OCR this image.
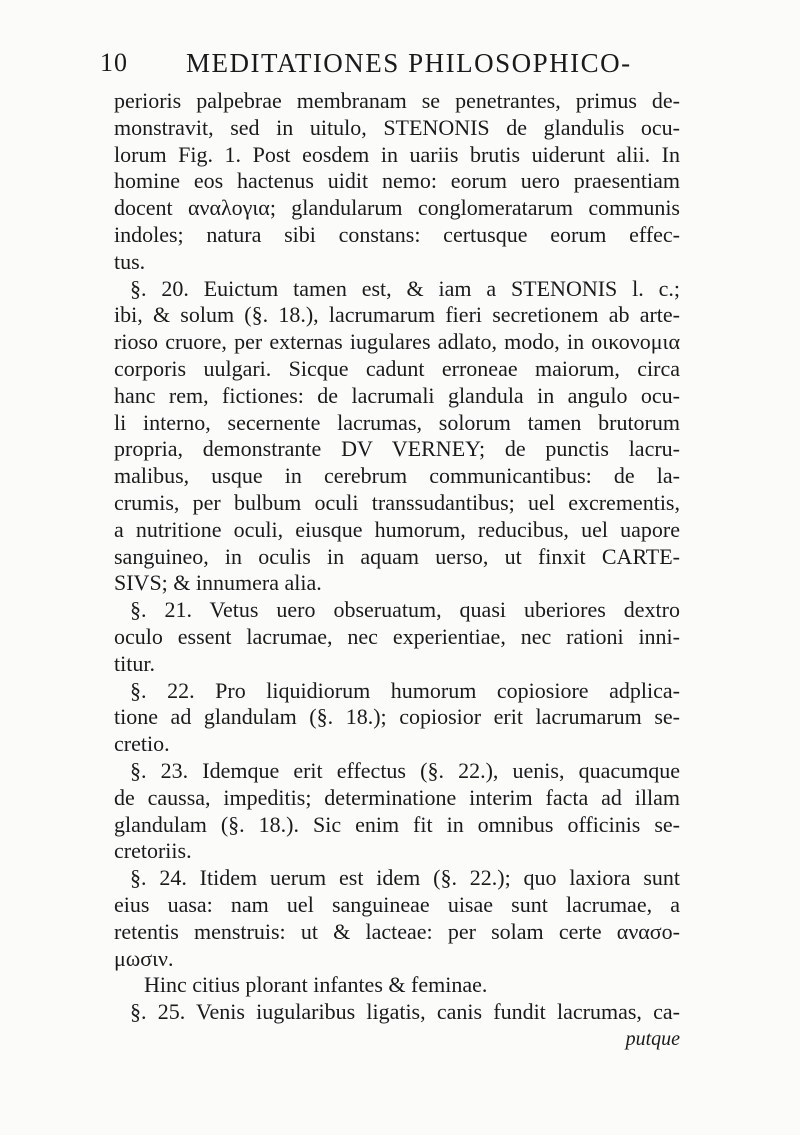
10 MEDITATIONES PHILOSOPHICO-
perioris palpebrae membranam se penetrantes, primus de-
monstravit, sed in uitulo, STENONIS de glandulis ocu-
lorum Fig. 1. Post eosdem in uariis brutis uiderunt alii. In
homine eos hactenus uidit nemo: eorum uero praesentiam
docent αναλογια; glandularum conglomeratarum communis
indoles; natura sibi constans: certusque eorum effec-
tus.
§. 20. Euictum tamen est, & iam a STENONIS l. c.;
ibi, & solum (§. 18.), lacrumarum fieri secretionem ab arte-
rioso cruore, per externas iugulares adlato, modo, in οικονομια
corporis uulgari. Sicque cadunt erroneae maiorum, circa
hanc rem, fictiones: de lacrumali glandula in angulo ocu-
li interno, secernente lacrumas, solorum tamen brutorum
propria, demonstrante DV VERNEY; de punctis lacru-
malibus, usque in cerebrum communicantibus: de la-
crumis, per bulbum oculi transsudantibus; uel excrementis,
a nutritione oculi, eiusque humorum, reducibus, uel uapore
sanguineo, in oculis in aquam uerso, ut finxit CARTE-
SIVS; & innumera alia.
§. 21. Vetus uero obseruatum, quasi uberiores dextro
oculo essent lacrumae, nec experientiae, nec rationi inni-
titur.
§. 22. Pro liquidiorum humorum copiosiore adplica-
tione ad glandulam (§. 18.); copiosior erit lacrumarum se-
cretio.
§. 23. Idemque erit effectus (§. 22.), uenis, quacumque
de caussa, impeditis; determinatione interim facta ad illam
glandulam (§. 18.). Sic enim fit in omnibus officinis se-
cretoriis.
§. 24. Itidem uerum est idem (§. 22.); quo laxiora sunt
eius uasa: nam uel sanguineae uisae sunt lacrumae, a
retentis menstruis: ut & lacteae: per solam certe ανασο-
μωσιν.
Hinc citius plorant infantes & feminae.
§. 25. Venis iugularibus ligatis, canis fundit lacrumas, ca-
putque
